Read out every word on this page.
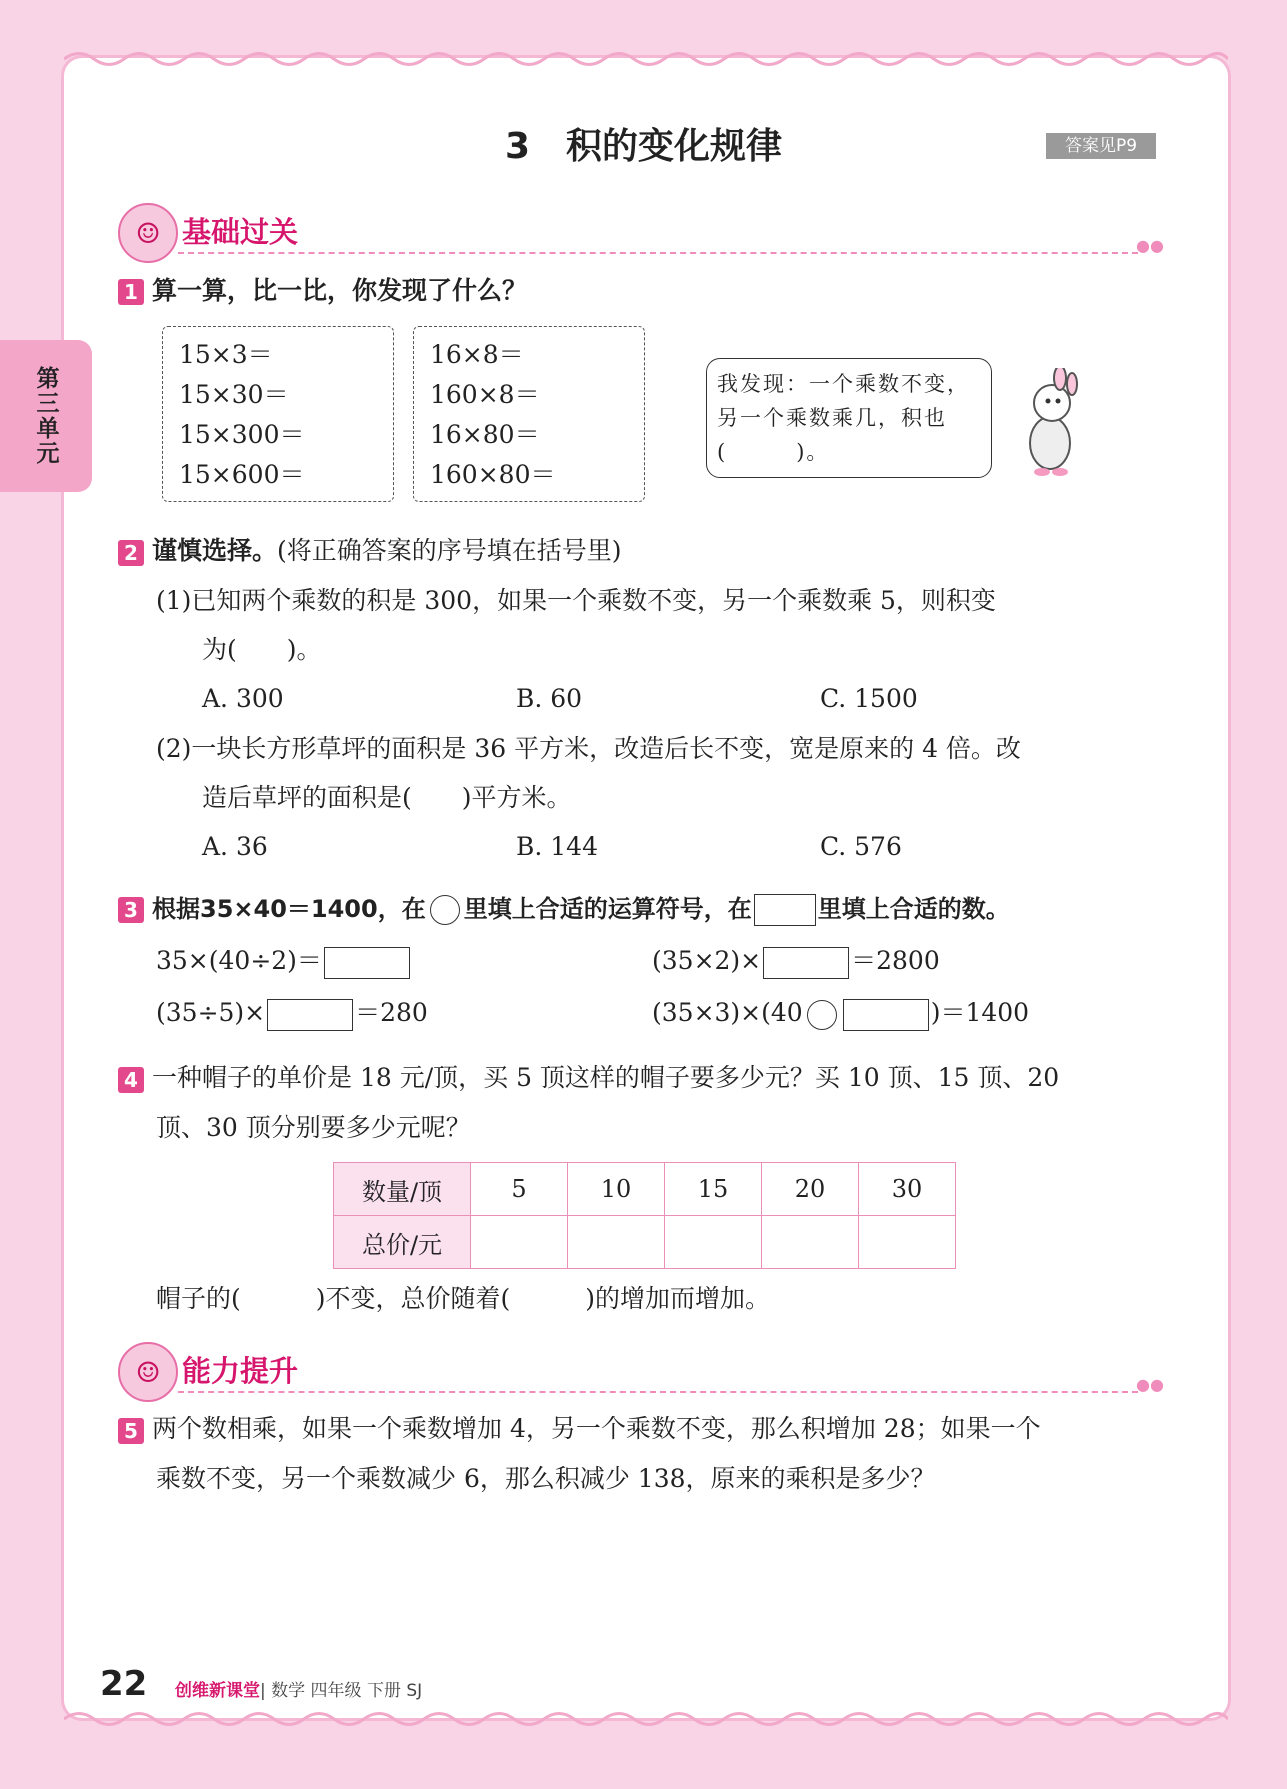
第三单元
3　积的变化规律	答案见P9
☺ 基础过关	●●
1 算一算，比一比，你发现了什么？
15×3＝
15×30＝
15×300＝
15×600＝
16×8＝
160×8＝
16×80＝
160×80＝
我发现：一个乘数不变，
另一个乘数乘几，积也
(　　　)。
2 谨慎选择。(将正确答案的序号填在括号里)
(1)已知两个乘数的积是 300，如果一个乘数不变，另一个乘数乘 5，则积变
为(　　)。
A. 300	B. 60	C. 1500
(2)一块长方形草坪的面积是 36 平方米，改造后长不变，宽是原来的 4 倍。改
造后草坪的面积是(　　)平方米。
A. 36	B. 144	C. 576
3 根据35×40＝1400，在 里填上合适的运算符号，在	里填上合适的数。
35×(40÷2)＝	(35×2)×	＝2800
(35÷5)×	＝280	(35×3)×(40	)＝1400
4 一种帽子的单价是 18 元/顶，买 5 顶这样的帽子要多少元？买 10 顶、15 顶、20
顶、30 顶分别要多少元呢？
数量/顶	5	10	15	20	30
总价/元					
帽子的(　　　)不变，总价随着(　　　)的增加而增加。
☺ 能力提升	●●
5 两个数相乘，如果一个乘数增加 4，另一个乘数不变，那么积增加 28；如果一个
乘数不变，另一个乘数减少 6，那么积减少 138，原来的乘积是多少？
22 创维新课堂| 数学 四年级 下册 SJ
